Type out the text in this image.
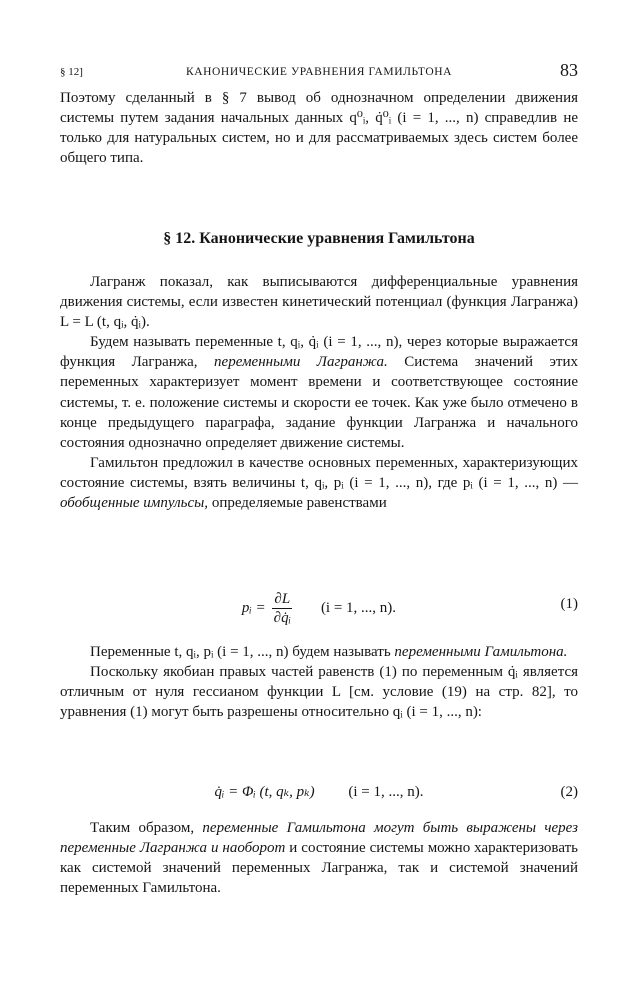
§ 12]	КАНОНИЧЕСКИЕ УРАВНЕНИЯ ГАМИЛЬТОНА	83

Поэтому сделанный в § 7 вывод об однозначном определении движения системы путем задания начальных данных q⁰ᵢ, q̇⁰ᵢ (i = 1, ..., n) справедлив не только для натуральных систем, но и для рассматриваемых здесь систем более общего типа.

§ 12. Канонические уравнения Гамильтона

Лагранж показал, как выписываются дифференциальные уравнения движения системы, если известен кинетический потенциал (функция Лагранжа) L = L (t, qᵢ, q̇ᵢ).

Будем называть переменные t, qᵢ, q̇ᵢ (i = 1, ..., n), через которые выражается функция Лагранжа, переменными Лагранжа. Система значений этих переменных характеризует момент времени и соответствующее состояние системы, т. е. положение системы и скорости ее точек. Как уже было отмечено в конце предыдущего параграфа, задание функции Лагранжа и начального состояния однозначно определяет движение системы.

Гамильтон предложил в качестве основных переменных, характеризующих состояние системы, взять величины t, qᵢ, pᵢ (i = 1, ..., n), где pᵢ (i = 1, ..., n) — обобщенные импульсы, определяемые равенствами

pᵢ = $\frac{\partial L}{\text{∂q̇ᵢ}} (i = 1$, ..., n).	(1)

Переменные t, qᵢ, pᵢ (i = 1, ..., n) будем называть переменными Гамильтона.

Поскольку якобиан правых частей равенств (1) по переменным q̇ᵢ является отличным от нуля гессианом функции L [см. условие (19) на стр. 82], то уравнения (1) могут быть разрешены относительно qᵢ (i = 1, ..., n):

q̇ᵢ = Φᵢ (t, qₖ, pₖ) (i = 1, ..., n).	(2)

Таким образом, переменные Гамильтона могут быть выражены через переменные Лагранжа и наоборот и состояние системы можно характеризовать как системой значений переменных Лагранжа, так и системой значений переменных Гамильтона.
